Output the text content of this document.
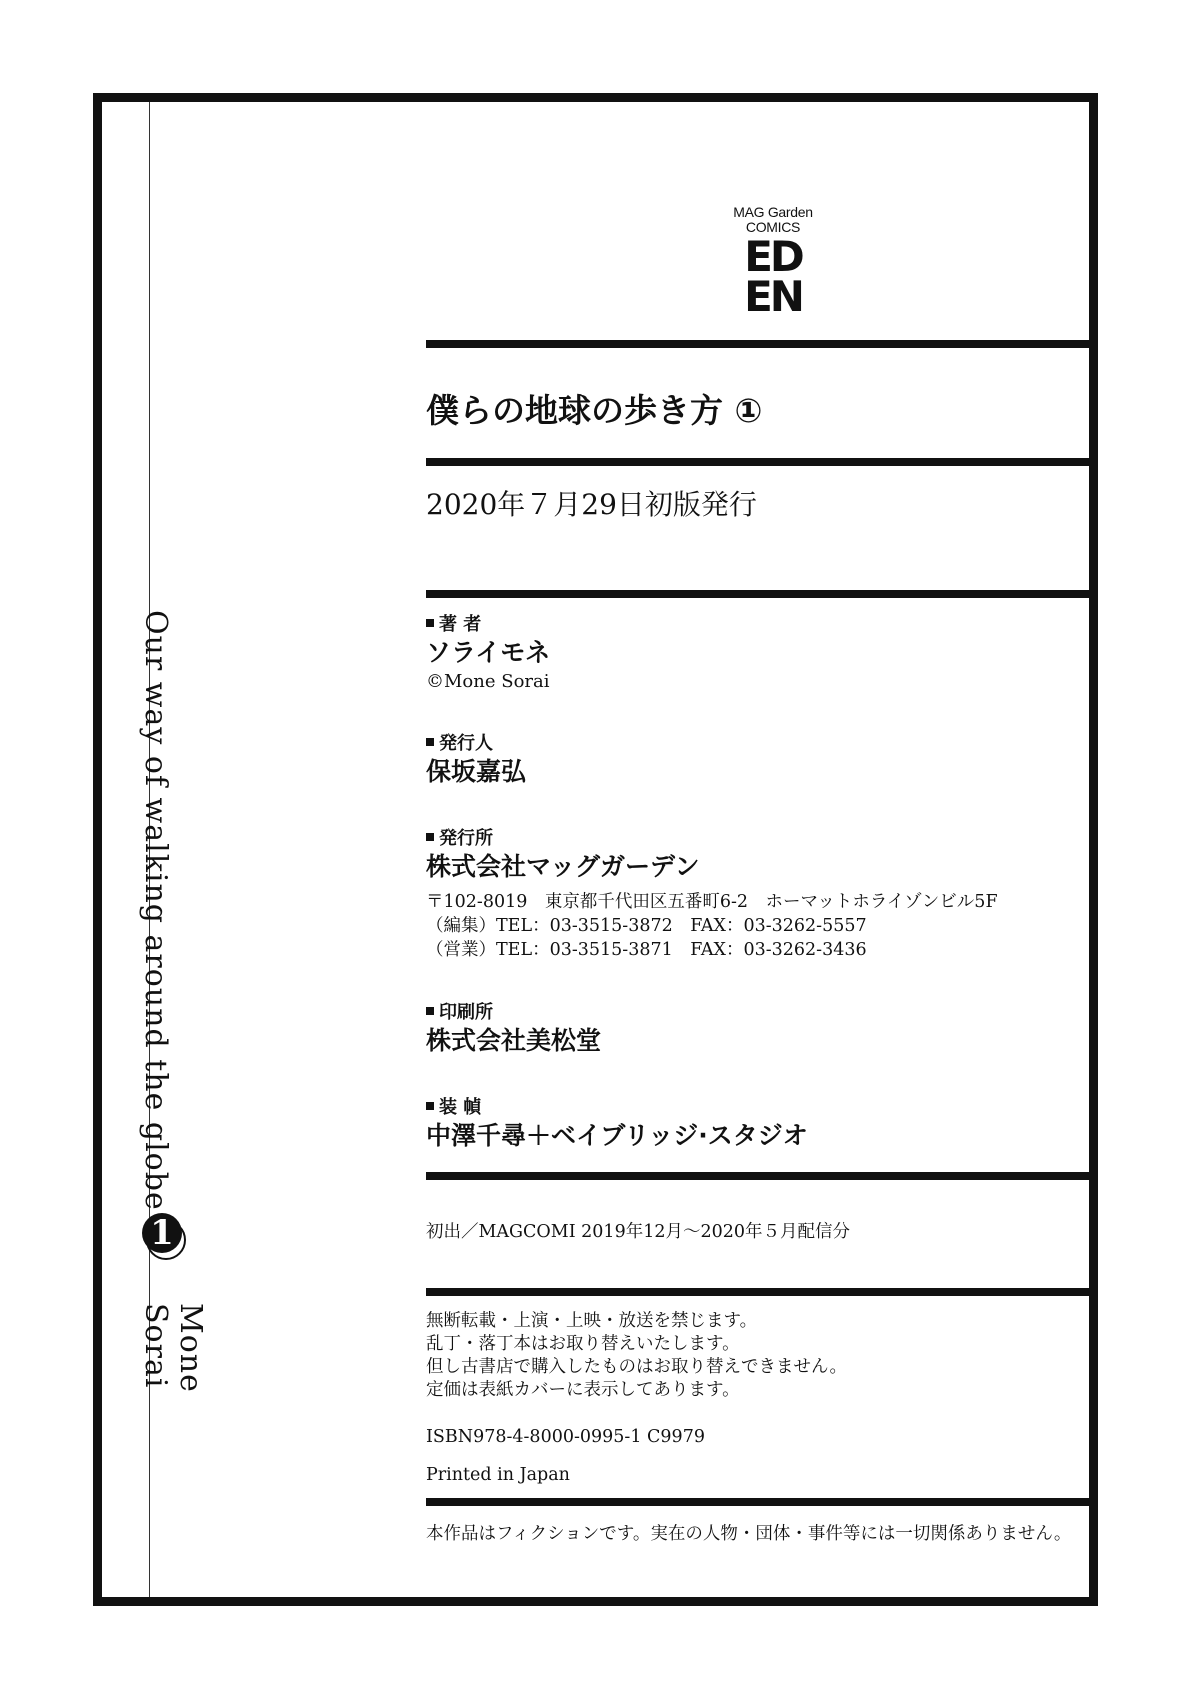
Our way of walking around the globe
1
Mone Sorai
MAG Garden
COMICS
ED
EN
僕らの地球の歩き方 ①
2020年７月29日初版発行
著 者
ソライモネ
©Mone Sorai
発行人
保坂嘉弘
発行所
株式会社マッグガーデン
〒102-8019　東京都千代田区五番町6-2　ホーマットホライゾンビル5F
（編集）TEL：03-3515-3872　FAX：03-3262-5557
（営業）TEL：03-3515-3871　FAX：03-3262-3436
印刷所
株式会社美松堂
装 幀
中澤千尋＋ベイブリッジ·スタジオ
初出／MAGCOMI 2019年12月～2020年５月配信分
無断転載・上演・上映・放送を禁じます。
乱丁・落丁本はお取り替えいたします。
但し古書店で購入したものはお取り替えできません。
定価は表紙カバーに表示してあります。
ISBN978-4-8000-0995-1 C9979
Printed in Japan
本作品はフィクションです。実在の人物・団体・事件等には一切関係ありません。
